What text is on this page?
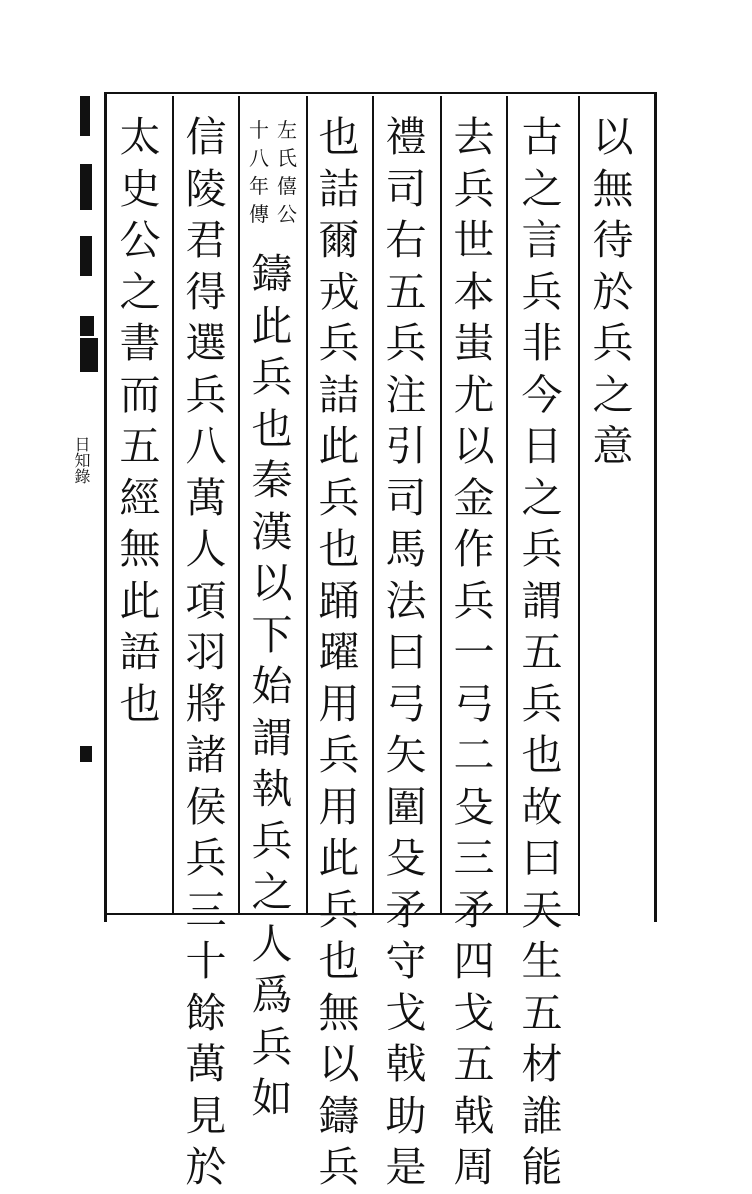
以
無
待
於
兵
之
意
古
之
言
兵
非
今
日
之
兵
謂
五
兵
也
故
曰
天
生
五
材
誰
能
去
兵
世
本
蚩
尤
以
金
作
兵
一
弓
二
殳
三
矛
四
戈
五
戟
周
禮
司
右
五
兵
注
引
司
馬
法
曰
弓
矢
圍
殳
矛
守
戈
戟
助
是
也
詰
爾
戎
兵
詰
此
兵
也
踊
躍
用
兵
用
此
兵
也
無
以
鑄
兵
左
氏
僖
公
十
八
年
傳
鑄
此
兵
也
秦
漢
以
下
始
謂
執
兵
之
人
爲
兵
如
信
陵
君
得
選
兵
八
萬
人
項
羽
將
諸
侯
兵
三
十
餘
萬
見
於
太
史
公
之
書
而
五
經
無
此
語
也
日知錄
